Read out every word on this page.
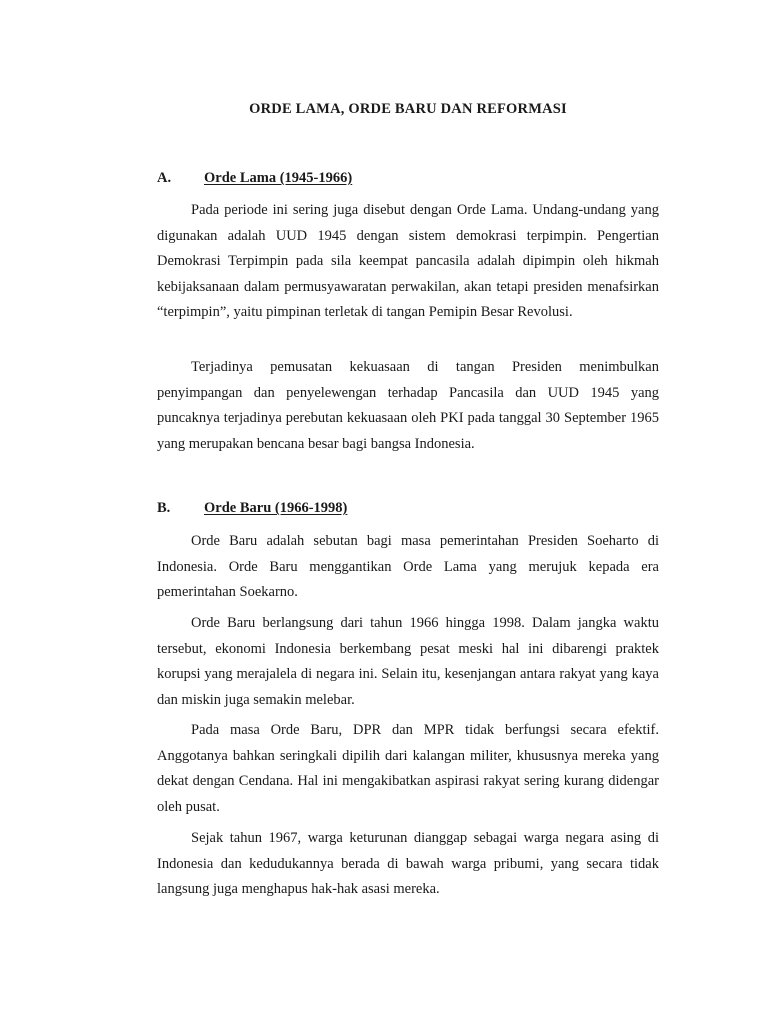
ORDE LAMA, ORDE BARU DAN REFORMASI
A. Orde Lama (1945-1966)

Pada periode ini sering juga disebut dengan Orde Lama. Undang-undang yang digunakan adalah UUD 1945 dengan sistem demokrasi terpimpin. Pengertian Demokrasi Terpimpin pada sila keempat pancasila adalah dipimpin oleh hikmah kebijaksanaan dalam permusyawaratan perwakilan, akan tetapi presiden menafsirkan “terpimpin”, yaitu pimpinan terletak di tangan Pemipin Besar Revolusi.

Terjadinya pemusatan kekuasaan di tangan Presiden menimbulkan penyimpangan dan penyelewengan terhadap Pancasila dan UUD 1945 yang puncaknya terjadinya perebutan kekuasaan oleh PKI pada tanggal 30 September 1965 yang merupakan bencana besar bagi bangsa Indonesia.

B. Orde Baru (1966-1998)

Orde Baru adalah sebutan bagi masa pemerintahan Presiden Soeharto di Indonesia. Orde Baru menggantikan Orde Lama yang merujuk kepada era pemerintahan Soekarno.

Orde Baru berlangsung dari tahun 1966 hingga 1998. Dalam jangka waktu tersebut, ekonomi Indonesia berkembang pesat meski hal ini dibarengi praktek korupsi yang merajalela di negara ini. Selain itu, kesenjangan antara rakyat yang kaya dan miskin juga semakin melebar.

Pada masa Orde Baru, DPR dan MPR tidak berfungsi secara efektif. Anggotanya bahkan seringkali dipilih dari kalangan militer, khususnya mereka yang dekat dengan Cendana. Hal ini mengakibatkan aspirasi rakyat sering kurang didengar oleh pusat.

Sejak tahun 1967, warga keturunan dianggap sebagai warga negara asing di Indonesia dan kedudukannya berada di bawah warga pribumi, yang secara tidak langsung juga menghapus hak-hak asasi mereka.
